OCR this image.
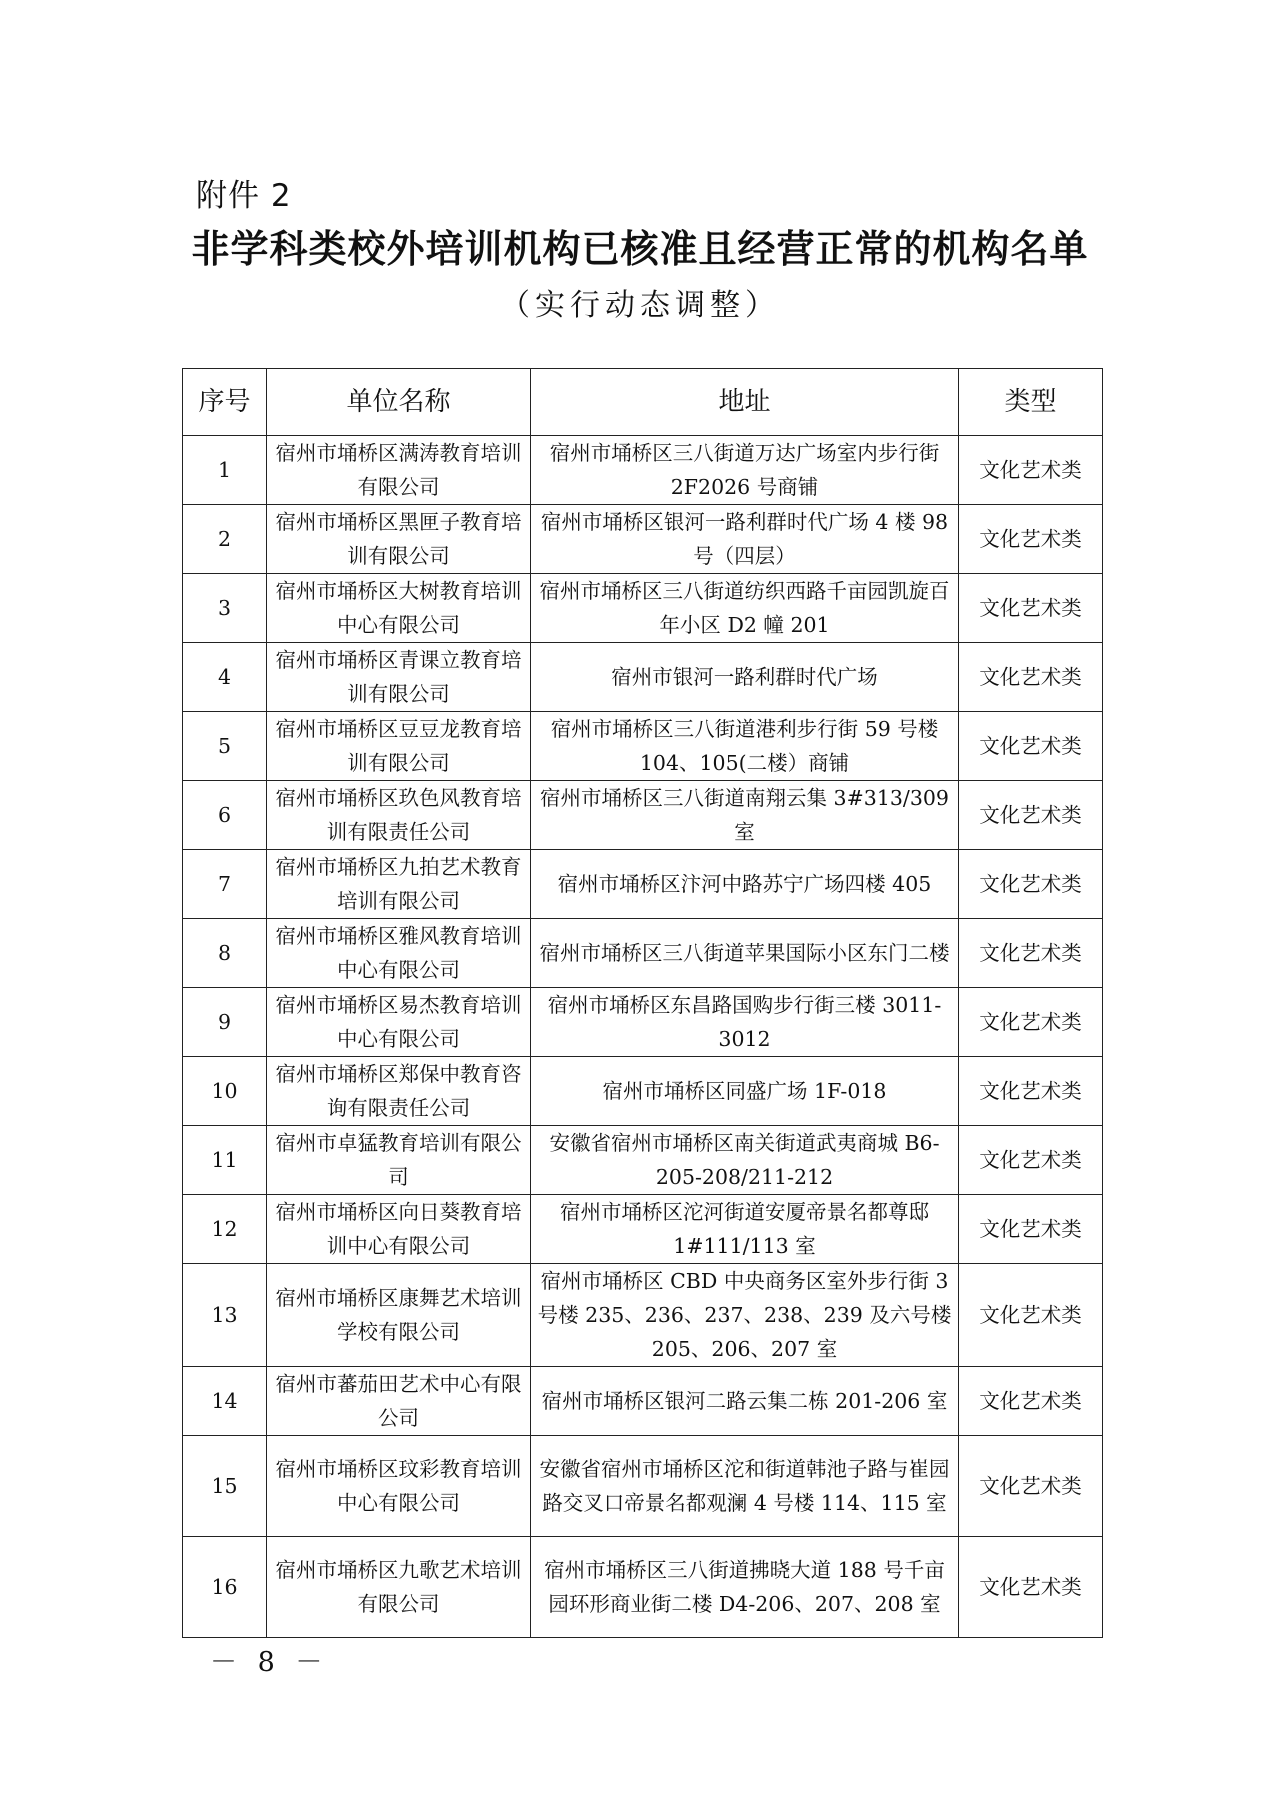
附件 2
非学科类校外培训机构已核准且经营正常的机构名单
（实行动态调整）
序号	单位名称	地址	类型
1	宿州市埇桥区满涛教育培训有限公司	宿州市埇桥区三八街道万达广场室内步行街 2F2026 号商铺	文化艺术类
2	宿州市埇桥区黑匣子教育培训有限公司	宿州市埇桥区银河一路利群时代广场 4 楼 98 号（四层）	文化艺术类
3	宿州市埇桥区大树教育培训中心有限公司	宿州市埇桥区三八街道纺织西路千亩园凯旋百年小区 D2 幢 201	文化艺术类
4	宿州市埇桥区青课立教育培训有限公司	宿州市银河一路利群时代广场	文化艺术类
5	宿州市埇桥区豆豆龙教育培训有限公司	宿州市埇桥区三八街道港利步行街 59 号楼 104、105(二楼）商铺	文化艺术类
6	宿州市埇桥区玖色风教育培训有限责任公司	宿州市埇桥区三八街道南翔云集 3#313/309 室	文化艺术类
7	宿州市埇桥区九拍艺术教育培训有限公司	宿州市埇桥区汴河中路苏宁广场四楼 405	文化艺术类
8	宿州市埇桥区雅风教育培训中心有限公司	宿州市埇桥区三八街道苹果国际小区东门二楼	文化艺术类
9	宿州市埇桥区易杰教育培训中心有限公司	宿州市埇桥区东昌路国购步行街三楼 3011-3012	文化艺术类
10	宿州市埇桥区郑保中教育咨询有限责任公司	宿州市埇桥区同盛广场 1F-018	文化艺术类
11	宿州市卓猛教育培训有限公司	安徽省宿州市埇桥区南关街道武夷商城 B6-205-208/211-212	文化艺术类
12	宿州市埇桥区向日葵教育培训中心有限公司	宿州市埇桥区沱河街道安厦帝景名都尊邸 1#111/113 室	文化艺术类
13	宿州市埇桥区康舞艺术培训学校有限公司	宿州市埇桥区 CBD 中央商务区室外步行街 3 号楼 235、236、237、238、239 及六号楼 205、206、207 室	文化艺术类
14	宿州市蕃茄田艺术中心有限公司	宿州市埇桥区银河二路云集二栋 201-206 室	文化艺术类
15	宿州市埇桥区玟彩教育培训中心有限公司	安徽省宿州市埇桥区沱和街道韩池子路与崔园路交叉口帝景名都观澜 4 号楼 114、115 室	文化艺术类
16	宿州市埇桥区九歌艺术培训有限公司	宿州市埇桥区三八街道拂晓大道 188 号千亩园环形商业街二楼 D4-206、207、208 室	文化艺术类
－ 8 －
